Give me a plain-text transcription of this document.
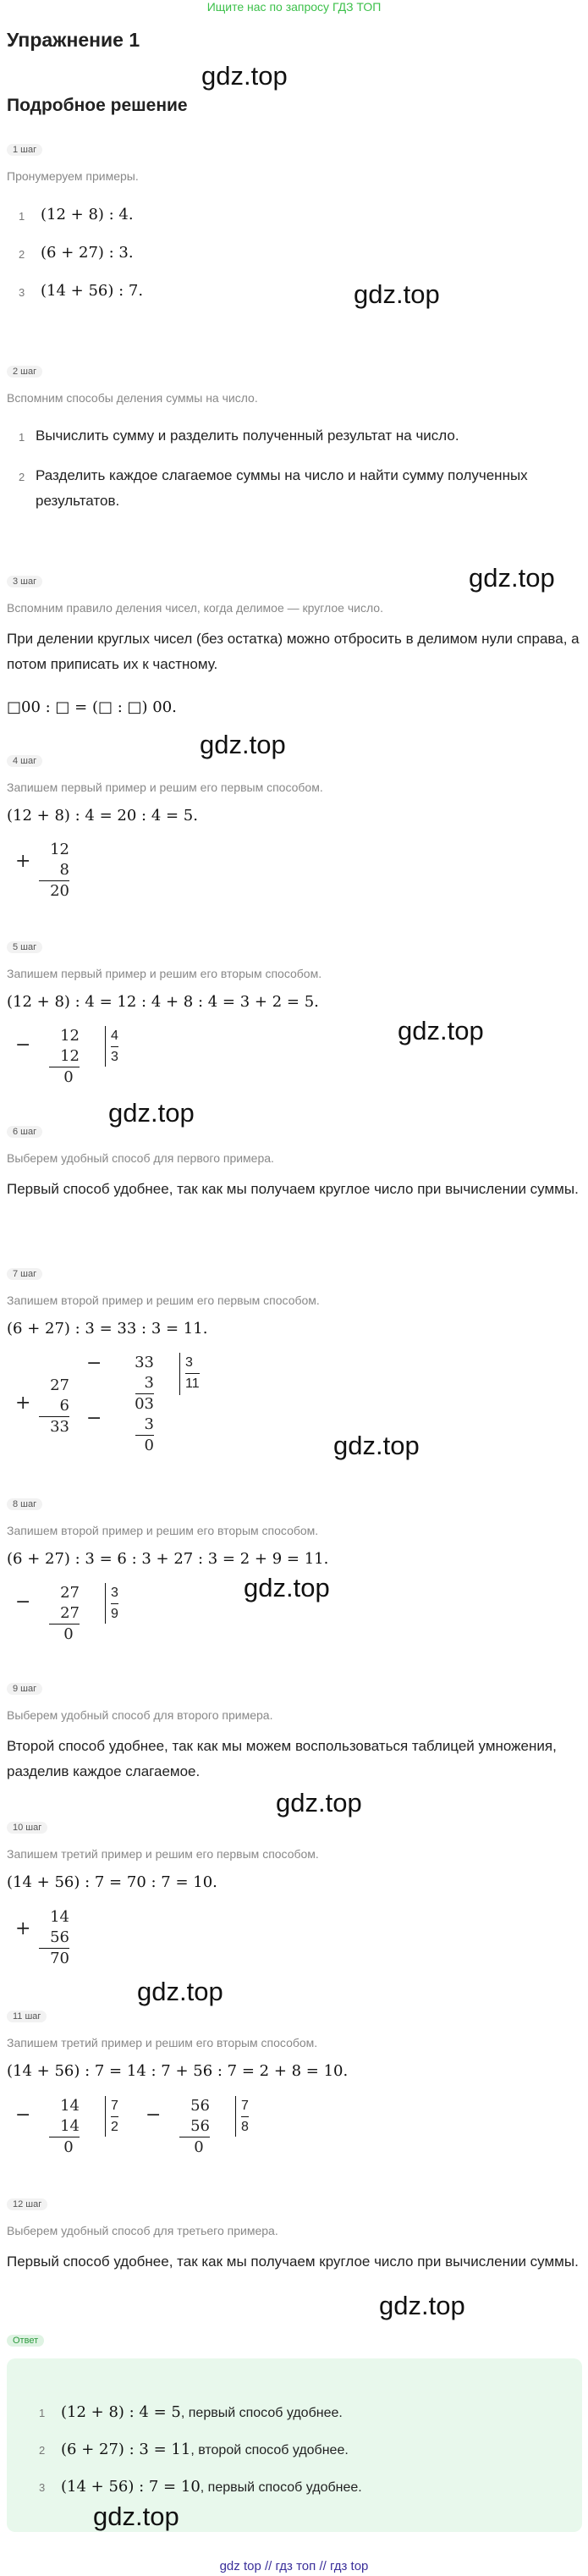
Ищите нас по запросу ГДЗ ТОП
Упражнение 1
gdz.top
Подробное решение
1 шаг
Пронумеруем примеры.
1 (12 + 8) : 4.
2 (6 + 27) : 3.
3 (14 + 56) : 7.	gdz.top
2 шаг
Вспомним способы деления суммы на число.
1 Вычислить сумму и разделить полученный результат на число.
2 Разделить каждое слагаемое суммы на число и найти сумму полученных результатов.
3 шаг	gdz.top
Вспомним правило деления чисел, когда делимое — круглое число.
При делении круглых чисел (без остатка) можно отбросить в делимом нули справа, а потом приписать их к частному.
□00 : □ = (□ : □) 00.
gdz.top
4 шаг
Запишем первый пример и решим его первым способом.
(12 + 8) : 4 = 20 : 4 = 5.
+
12
8
20
5 шаг
Запишем первый пример и решим его вторым способом.
(12 + 8) : 4 = 12 : 4 + 8 : 4 = 3 + 2 = 5.
gdz.top
−	12
12
0
4
3
gdz.top
6 шаг
Выберем удобный способ для первого примера.
Первый способ удобнее, так как мы получаем круглое число при вычислении суммы.
7 шаг
Запишем второй пример и решим его первым способом.
(6 + 27) : 3 = 33 : 3 = 11.
+
27
6
33
−
−
33
3
03
3
0
3
11
gdz.top
8 шаг
Запишем второй пример и решим его вторым способом.
(6 + 27) : 3 = 6 : 3 + 27 : 3 = 2 + 9 = 11.
gdz.top
−	27
27
0
3
9
9 шаг
Выберем удобный способ для второго примера.
Второй способ удобнее, так как мы можем воспользоваться таблицей умножения, разделив каждое слагаемое.
gdz.top
10 шаг
Запишем третий пример и решим его первым способом.
(14 + 56) : 7 = 70 : 7 = 10.
+
14
56
70
gdz.top
11 шаг
Запишем третий пример и решим его вторым способом.
(14 + 56) : 7 = 14 : 7 + 56 : 7 = 2 + 8 = 10.
−	14
14
0
7
2
−	56
56
0
7
8
12 шаг
Выберем удобный способ для третьего примера.
Первый способ удобнее, так как мы получаем круглое число при вычислении суммы.
gdz.top
Ответ
1 (12 + 8) : 4 = 5, первый способ удобнее.
2 (6 + 27) : 3 = 11, второй способ удобнее.
3 (14 + 56) : 7 = 10, первый способ удобнее.
gdz.top
gdz top // гдз топ // гдз top
